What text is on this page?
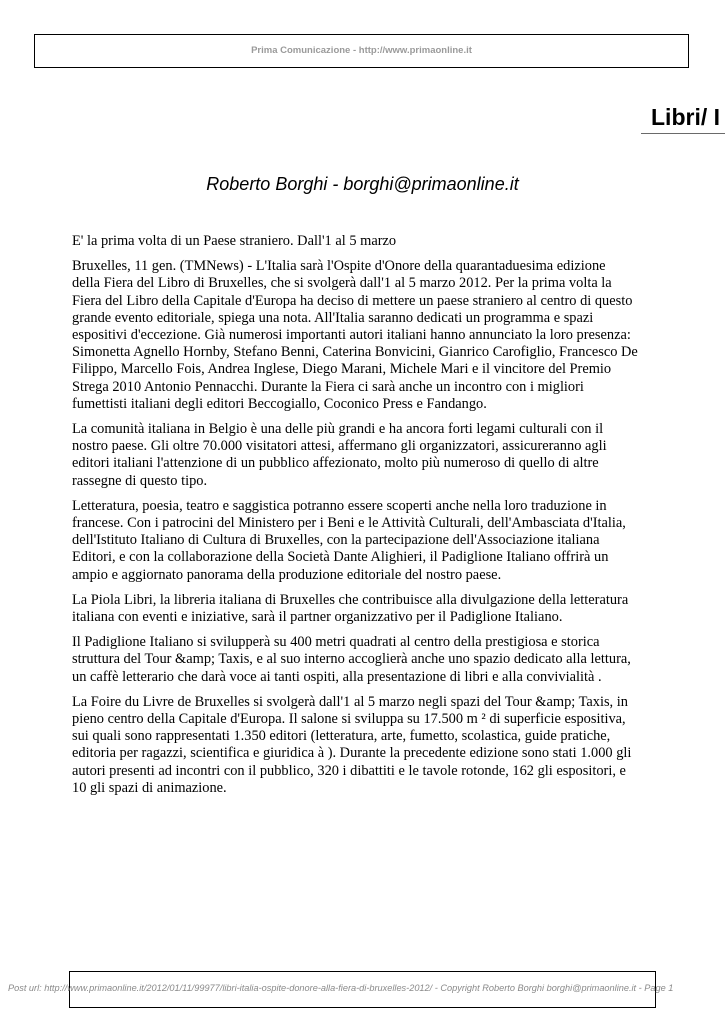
Prima Comunicazione - http://www.primaonline.it
Libri/ I
Roberto Borghi - borghi@primaonline.it

E' la prima volta di un Paese straniero. Dall'1 al 5 marzo

Bruxelles, 11 gen. (TMNews) - L'Italia sarà l'Ospite d'Onore della quarantaduesima edizione
della Fiera del Libro di Bruxelles, che si svolgerà dall'1 al 5 marzo 2012. Per la prima volta la
Fiera del Libro della Capitale d'Europa ha deciso di mettere un paese straniero al centro di questo
grande evento editoriale, spiega una nota. All'Italia saranno dedicati un programma e spazi
espositivi d'eccezione. Già numerosi importanti autori italiani hanno annunciato la loro presenza:
Simonetta Agnello Hornby, Stefano Benni, Caterina Bonvicini, Gianrico Carofiglio, Francesco De
Filippo, Marcello Fois, Andrea Inglese, Diego Marani, Michele Mari e il vincitore del Premio
Strega 2010 Antonio Pennacchi. Durante la Fiera ci sarà anche un incontro con i migliori
fumettisti italiani degli editori Beccogiallo, Coconico Press e Fandango.

La comunità italiana in Belgio è una delle più grandi e ha ancora forti legami culturali con il
nostro paese. Gli oltre 70.000 visitatori attesi, affermano gli organizzatori, assicureranno agli
editori italiani l'attenzione di un pubblico affezionato, molto più numeroso di quello di altre
rassegne di questo tipo.

Letteratura, poesia, teatro e saggistica potranno essere scoperti anche nella loro traduzione in
francese. Con i patrocini del Ministero per i Beni e le Attività Culturali, dell'Ambasciata d'Italia,
dell'Istituto Italiano di Cultura di Bruxelles, con la partecipazione dell'Associazione italiana
Editori, e con la collaborazione della Società Dante Alighieri, il Padiglione Italiano offrirà un
ampio e aggiornato panorama della produzione editoriale del nostro paese.

La Piola Libri, la libreria italiana di Bruxelles che contribuisce alla divulgazione della letteratura
italiana con eventi e iniziative, sarà il partner organizzativo per il Padiglione Italiano.

Il Padiglione Italiano si svilupperà su 400 metri quadrati al centro della prestigiosa e storica
struttura del Tour &amp; Taxis, e al suo interno accoglierà anche uno spazio dedicato alla lettura,
un caffè letterario che darà voce ai tanti ospiti, alla presentazione di libri e alla convivialità .

La Foire du Livre de Bruxelles si svolgerà dall'1 al 5 marzo negli spazi del Tour &amp; Taxis, in
pieno centro della Capitale d'Europa. Il salone si sviluppa su 17.500 m ² di superficie espositiva,
sui quali sono rappresentati 1.350 editori (letteratura, arte, fumetto, scolastica, guide pratiche,
editoria per ragazzi, scientifica e giuridica à ). Durante la precedente edizione sono stati 1.000 gli
autori presenti ad incontri con il pubblico, 320 i dibattiti e le tavole rotonde, 162 gli espositori, e
10 gli spazi di animazione.

Post url: http://www.primaonline.it/2012/01/11/99977/libri-italia-ospite-donore-alla-fiera-di-bruxelles-2012/ - Copyright Roberto Borghi borghi@primaonline.it - Page 1
